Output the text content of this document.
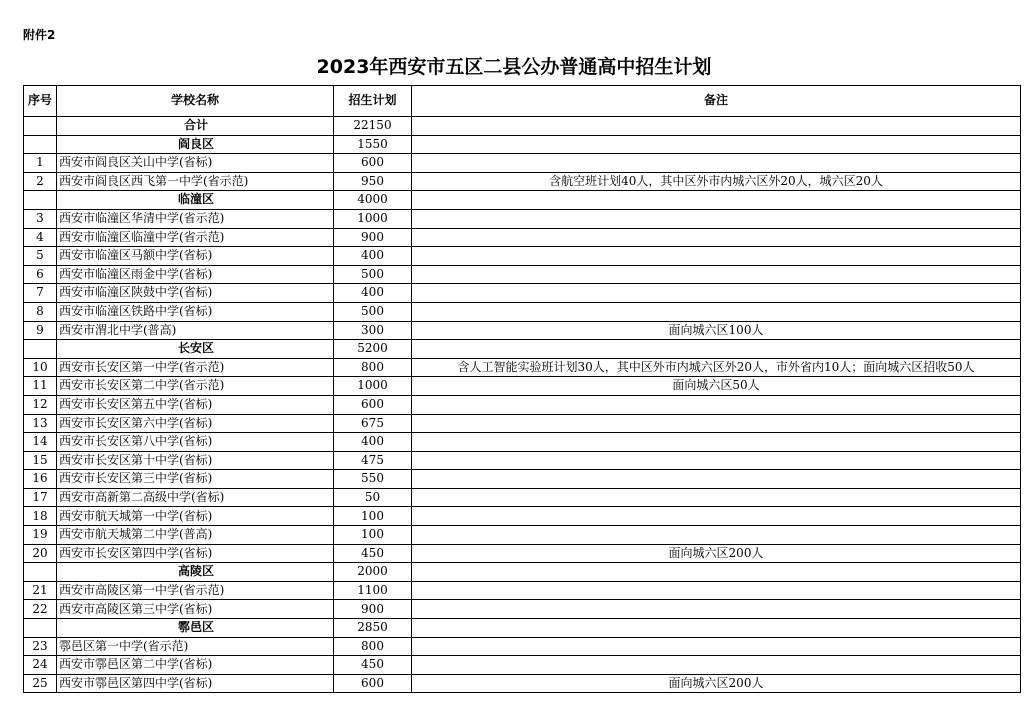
附件2
2023年西安市五区二县公办普通高中招生计划
序号	学校名称	招生计划	备注
	合计	22150	
	阎良区	1550	
1	西安市阎良区关山中学(省标)	600	
2	西安市阎良区西飞第一中学(省示范)	950	含航空班计划40人，其中区外市内城六区外20人，城六区20人
	临潼区	4000	
3	西安市临潼区华清中学(省示范)	1000	
4	西安市临潼区临潼中学(省示范)	900	
5	西安市临潼区马额中学(省标)	400	
6	西安市临潼区雨金中学(省标)	500	
7	西安市临潼区陕鼓中学(省标)	400	
8	西安市临潼区铁路中学(省标)	500	
9	西安市渭北中学(普高)	300	面向城六区100人
	长安区	5200	
10	西安市长安区第一中学(省示范)	800	含人工智能实验班计划30人，其中区外市内城六区外20人，市外省内10人；面向城六区招收50人
11	西安市长安区第二中学(省示范)	1000	面向城六区50人
12	西安市长安区第五中学(省标)	600	
13	西安市长安区第六中学(省标)	675	
14	西安市长安区第八中学(省标)	400	
15	西安市长安区第十中学(省标)	475	
16	西安市长安区第三中学(省标)	550	
17	西安市高新第二高级中学(省标)	50	
18	西安市航天城第一中学(省标)	100	
19	西安市航天城第二中学(普高)	100	
20	西安市长安区第四中学(省标)	450	面向城六区200人
	高陵区	2000	
21	西安市高陵区第一中学(省示范)	1100	
22	西安市高陵区第三中学(省标)	900	
	鄠邑区	2850	
23	鄠邑区第一中学(省示范)	800	
24	西安市鄠邑区第二中学(省标)	450	
25	西安市鄠邑区第四中学(省标)	600	面向城六区200人
